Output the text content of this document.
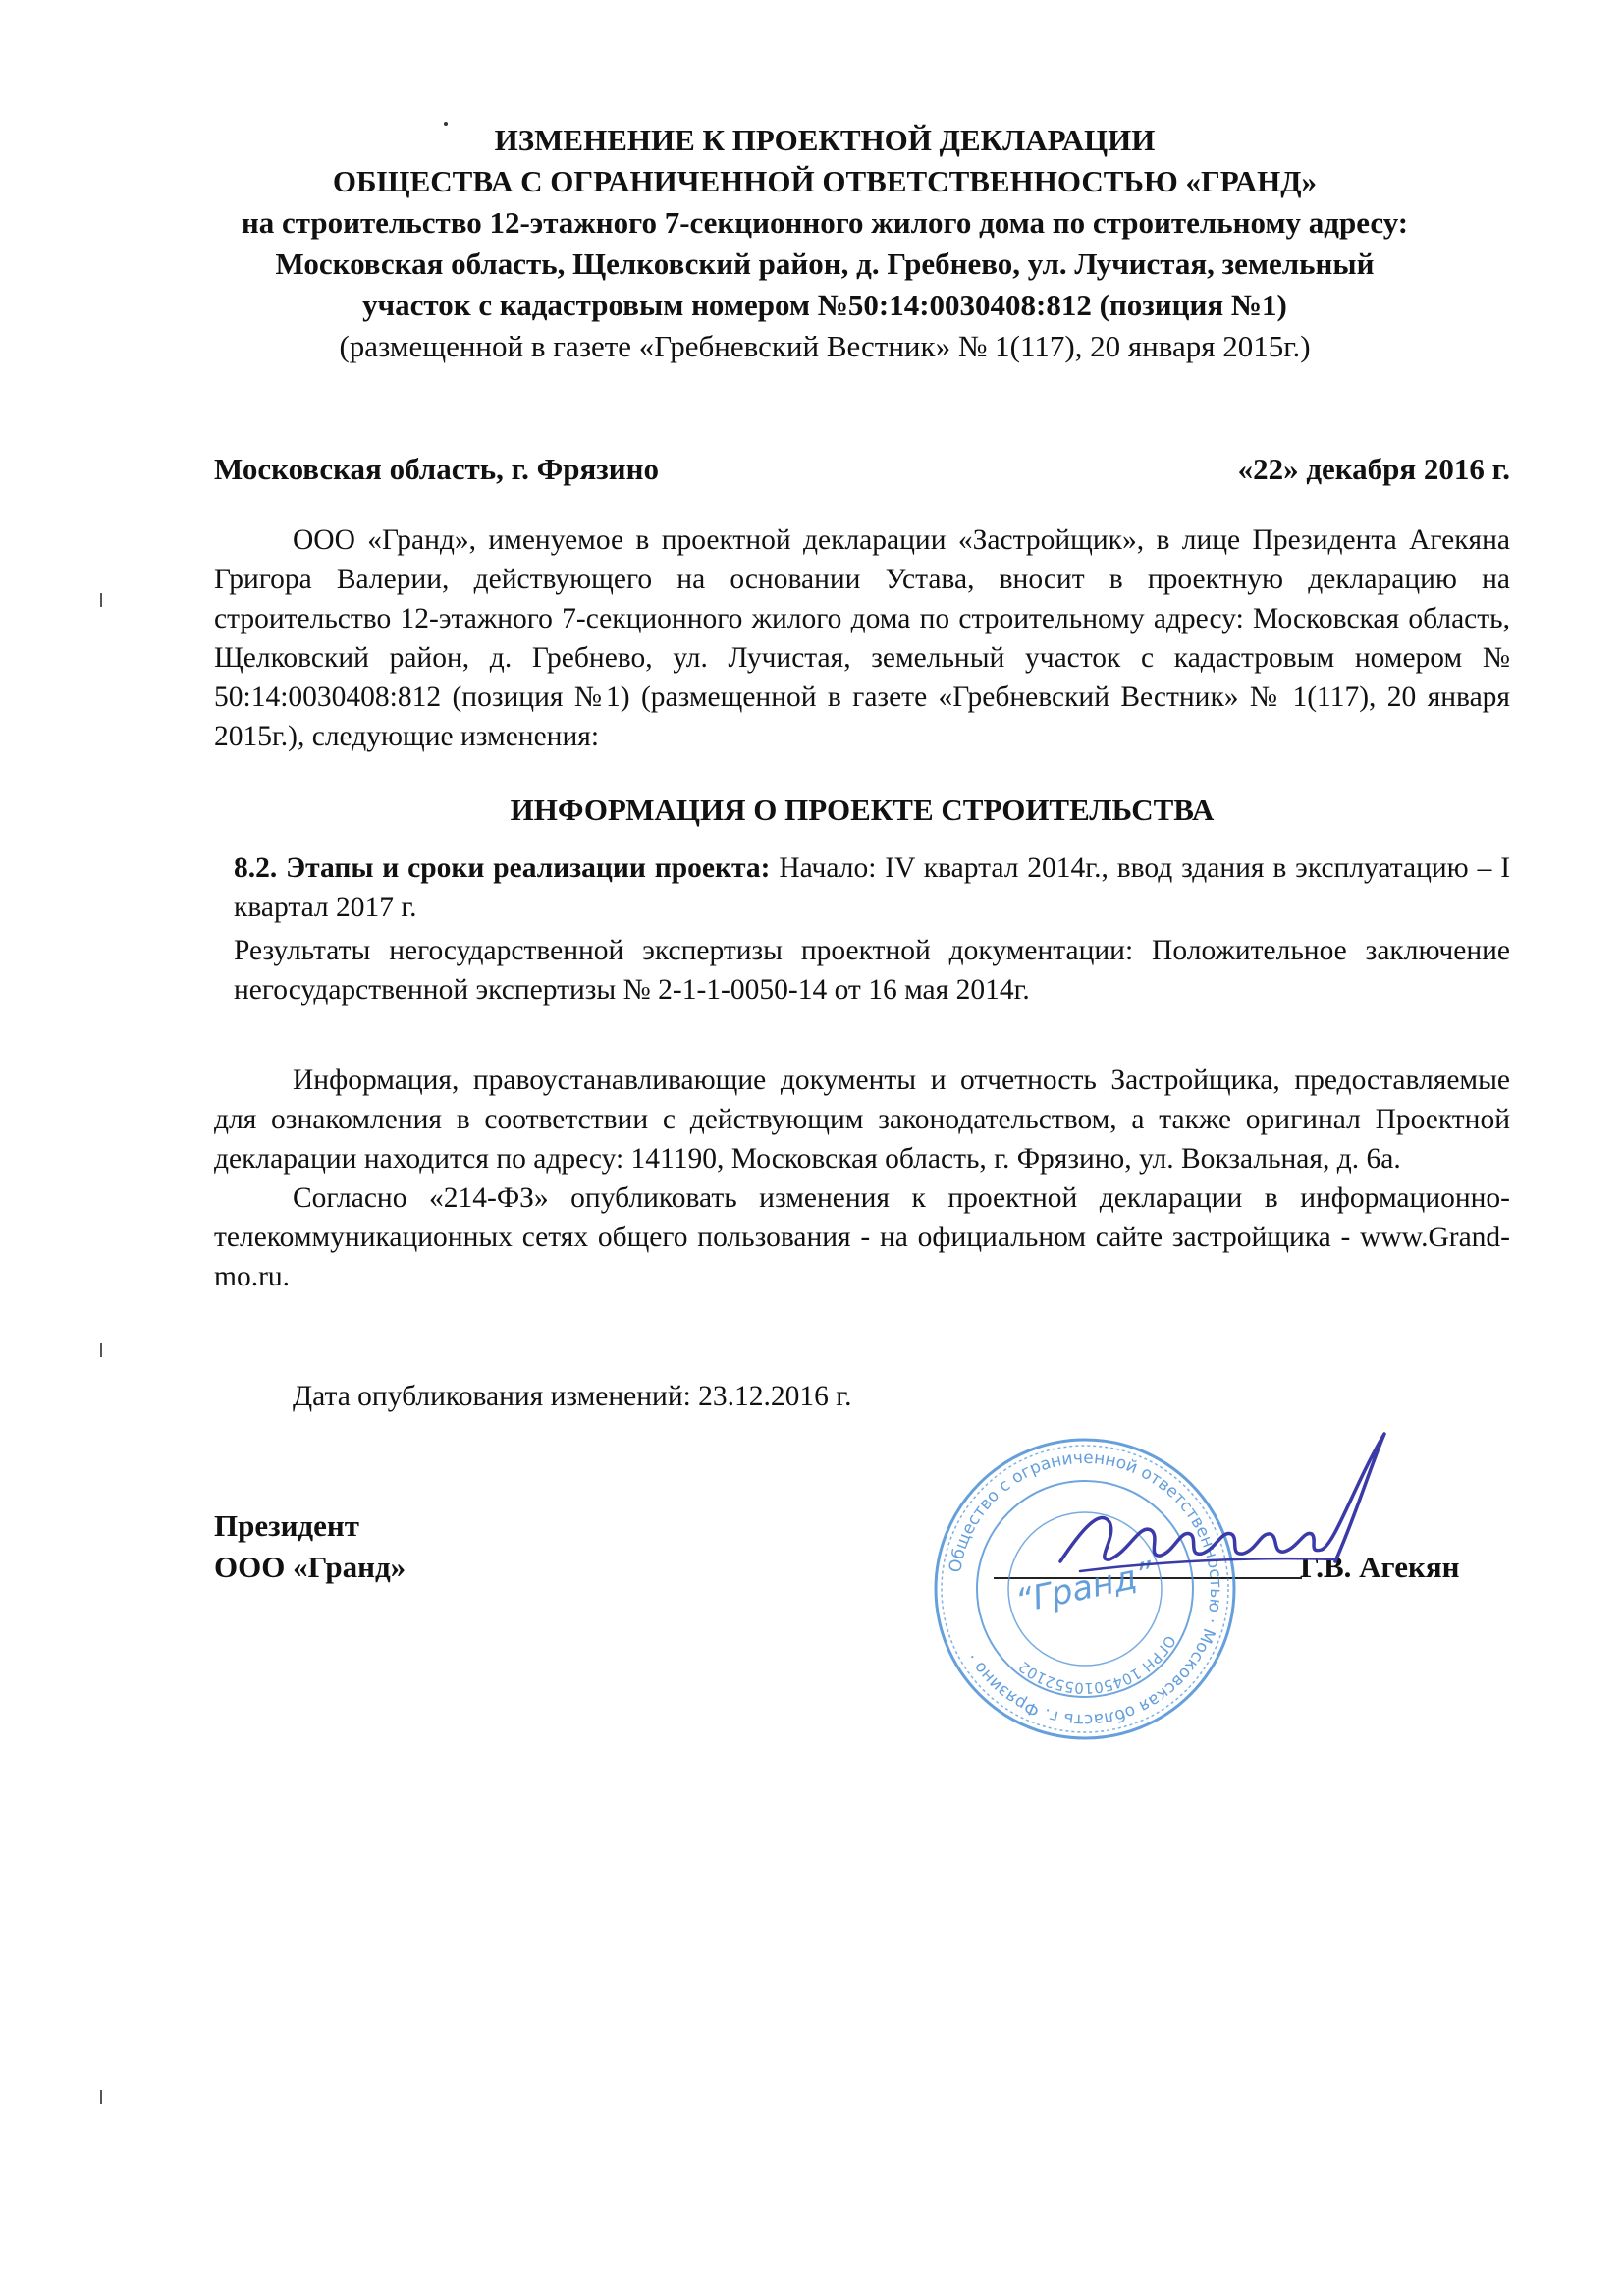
ИЗМЕНЕНИЕ К ПРОЕКТНОЙ ДЕКЛАРАЦИИ
ОБЩЕСТВА С ОГРАНИЧЕННОЙ ОТВЕТСТВЕННОСТЬЮ «ГРАНД»
на строительство 12-этажного 7-секционного жилого дома по строительному адресу:
Московская область, Щелковский район, д. Гребнево, ул. Лучистая, земельный
участок с кадастровым номером №50:14:0030408:812 (позиция №1)
(размещенной в газете «Гребневский Вестник» № 1(117), 20 января 2015г.)
Московская область, г. Фрязино	«22» декабря 2016 г.

ООО «Гранд», именуемое в проектной декларации «Застройщик», в лице Президента Агекяна Григора Валерии, действующего на основании Устава, вносит в проектную декларацию на строительство 12-этажного 7-секционного жилого дома по строительному адресу: Московская область, Щелковский район, д. Гребнево, ул. Лучистая, земельный участок с кадастровым номером № 50:14:0030408:812 (позиция №1) (размещенной в газете «Гребневский Вестник» № 1(117), 20 января 2015г.), следующие изменения:

ИНФОРМАЦИЯ О ПРОЕКТЕ СТРОИТЕЛЬСТВА

8.2. Этапы и сроки реализации проекта: Начало: IV квартал 2014г., ввод здания в эксплуатацию – I квартал 2017 г.

Результаты негосударственной экспертизы проектной документации: Положительное заключение негосударственной экспертизы № 2-1-1-0050-14 от 16 мая 2014г.

Информация, правоустанавливающие документы и отчетность Застройщика, предоставляемые для ознакомления в соответствии с действующим законодательством, а также оригинал Проектной декларации находится по адресу: 141190, Московская область, г. Фрязино, ул. Вокзальная, д. 6а.

Согласно «214-ФЗ» опубликовать изменения к проектной декларации в информационно-телекоммуникационных сетях общего пользования - на официальном сайте застройщика - www.Grand-mo.ru.

Дата опубликования изменений: 23.12.2016 г.

Президент
ООО «Гранд»	Г.В. Агекян
Общество с ограниченной ответственностью · Московская область г. Фрязино ·
ОГРН 1045010552102
“Гранд”
